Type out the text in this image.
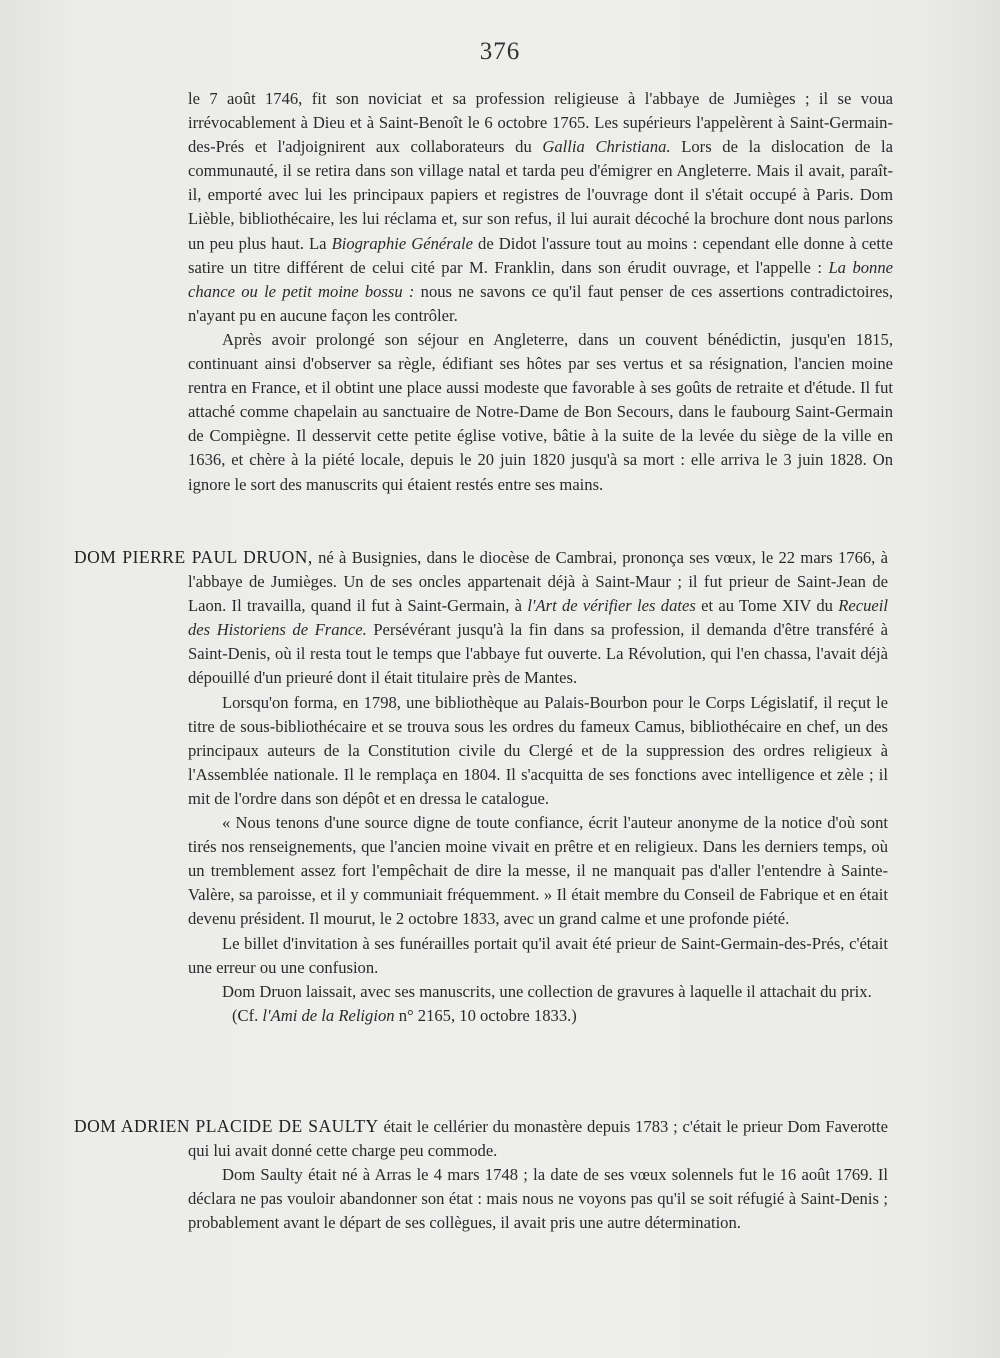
376

le 7 août 1746, fit son noviciat et sa profession religieuse à l'abbaye de Jumièges ; il se voua irrévocablement à Dieu et à Saint-Benoît le 6 octobre 1765. Les supérieurs l'appelèrent à Saint-Germain-des-Prés et l'adjoignirent aux collaborateurs du Gallia Christiana. Lors de la dislocation de la communauté, il se retira dans son village natal et tarda peu d'émigrer en Angleterre. Mais il avait, paraît-il, emporté avec lui les principaux papiers et registres de l'ouvrage dont il s'était occupé à Paris. Dom Lièble, bibliothécaire, les lui réclama et, sur son refus, il lui aurait décoché la brochure dont nous parlons un peu plus haut. La Biographie Générale de Didot l'assure tout au moins : cependant elle donne à cette satire un titre différent de celui cité par M. Franklin, dans son érudit ouvrage, et l'appelle : La bonne chance ou le petit moine bossu : nous ne savons ce qu'il faut penser de ces assertions contradictoires, n'ayant pu en aucune façon les contrôler.

Après avoir prolongé son séjour en Angleterre, dans un couvent bénédictin, jusqu'en 1815, continuant ainsi d'observer sa règle, édifiant ses hôtes par ses vertus et sa résignation, l'ancien moine rentra en France, et il obtint une place aussi modeste que favorable à ses goûts de retraite et d'étude. Il fut attaché comme chapelain au sanctuaire de Notre-Dame de Bon Secours, dans le faubourg Saint-Germain de Compiègne. Il desservit cette petite église votive, bâtie à la suite de la levée du siège de la ville en 1636, et chère à la piété locale, depuis le 20 juin 1820 jusqu'à sa mort : elle arriva le 3 juin 1828. On ignore le sort des manuscrits qui étaient restés entre ses mains.

DOM PIERRE PAUL DRUON, né à Busignies, dans le diocèse de Cambrai, prononça ses vœux, le 22 mars 1766, à l'abbaye de Jumièges. Un de ses oncles appartenait déjà à Saint-Maur ; il fut prieur de Saint-Jean de Laon. Il travailla, quand il fut à Saint-Germain, à l'Art de vérifier les dates et au Tome XIV du Recueil des Historiens de France. Persévérant jusqu'à la fin dans sa profession, il demanda d'être transféré à Saint-Denis, où il resta tout le temps que l'abbaye fut ouverte. La Révolution, qui l'en chassa, l'avait déjà dépouillé d'un prieuré dont il était titulaire près de Mantes.

Lorsqu'on forma, en 1798, une bibliothèque au Palais-Bourbon pour le Corps Législatif, il reçut le titre de sous-bibliothécaire et se trouva sous les ordres du fameux Camus, bibliothécaire en chef, un des principaux auteurs de la Constitution civile du Clergé et de la suppression des ordres religieux à l'Assemblée nationale. Il le remplaça en 1804. Il s'acquitta de ses fonctions avec intelligence et zèle ; il mit de l'ordre dans son dépôt et en dressa le catalogue.

« Nous tenons d'une source digne de toute confiance, écrit l'auteur anonyme de la notice d'où sont tirés nos renseignements, que l'ancien moine vivait en prêtre et en religieux. Dans les derniers temps, où un tremblement assez fort l'empêchait de dire la messe, il ne manquait pas d'aller l'entendre à Sainte-Valère, sa paroisse, et il y communiait fréquemment. » Il était membre du Conseil de Fabrique et en était devenu président. Il mourut, le 2 octobre 1833, avec un grand calme et une profonde piété.

Le billet d'invitation à ses funérailles portait qu'il avait été prieur de Saint-Germain-des-Prés, c'était une erreur ou une confusion.

Dom Druon laissait, avec ses manuscrits, une collection de gravures à laquelle il attachait du prix.

(Cf. l'Ami de la Religion n° 2165, 10 octobre 1833.)

DOM ADRIEN PLACIDE DE SAULTY était le cellérier du monastère depuis 1783 ; c'était le prieur Dom Faverotte qui lui avait donné cette charge peu commode.

Dom Saulty était né à Arras le 4 mars 1748 ; la date de ses vœux solennels fut le 16 août 1769. Il déclara ne pas vouloir abandonner son état : mais nous ne voyons pas qu'il se soit réfugié à Saint-Denis ; probablement avant le départ de ses collègues, il avait pris une autre détermination.
